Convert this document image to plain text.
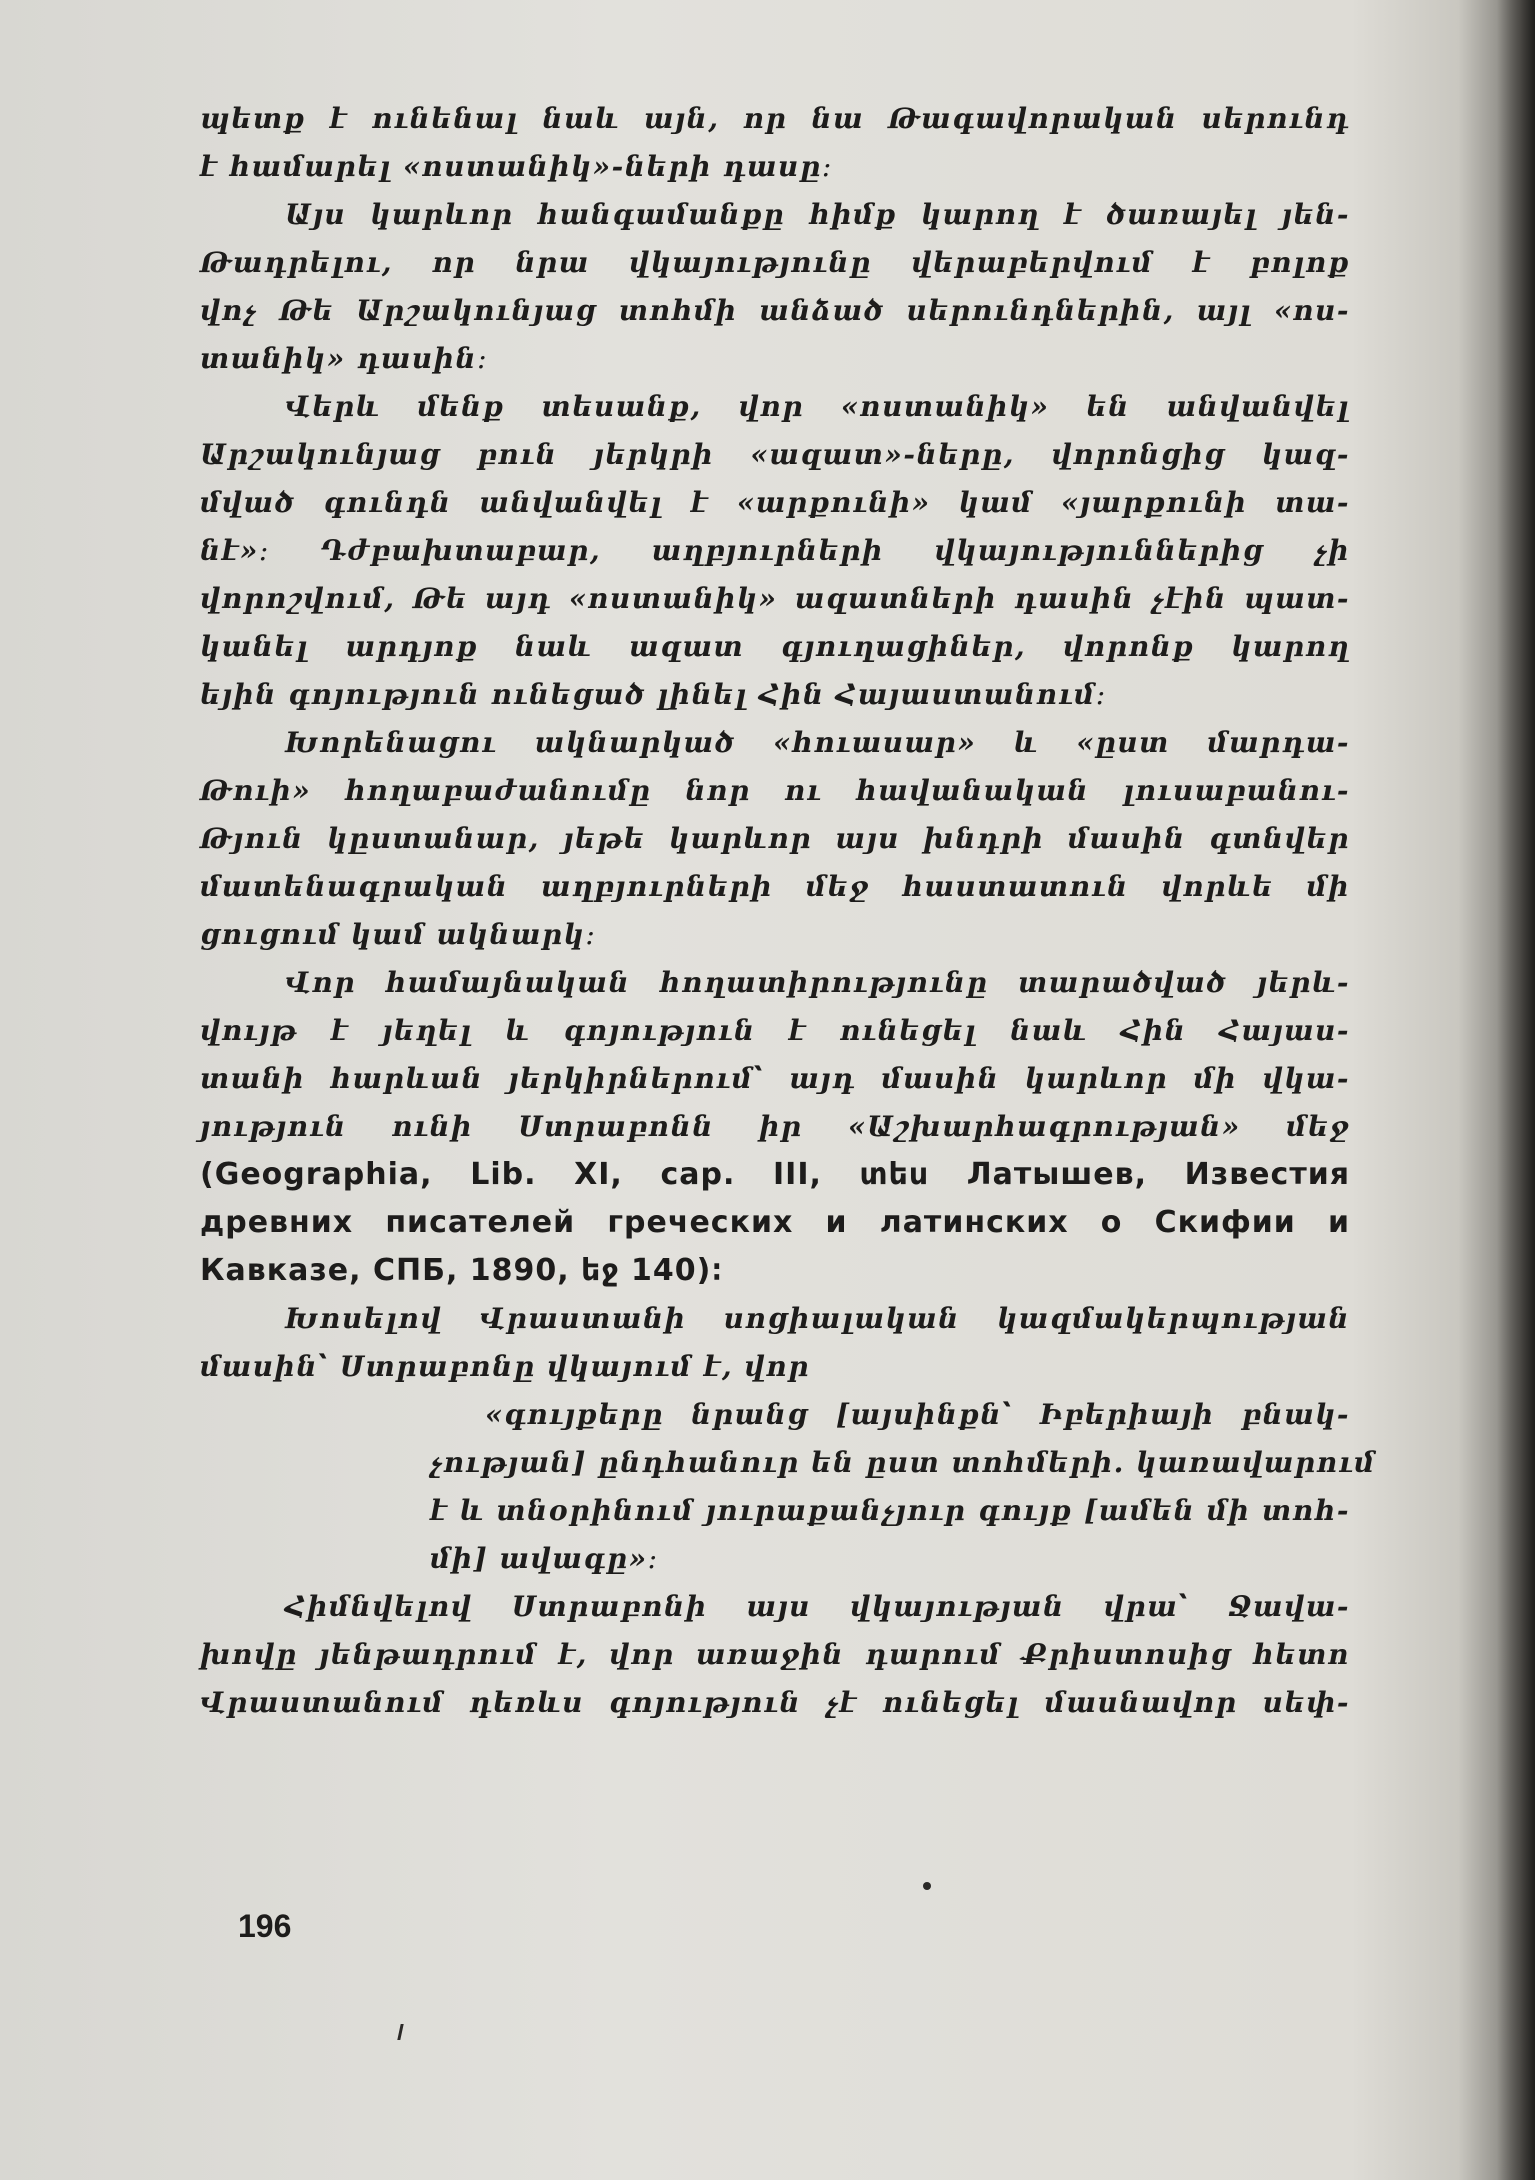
պետք է ունենալ նաև այն, որ նա Թագավորական սերունդ
է համարել «ոստանիկ»-ների դասը։
Այս կարևոր հանգամանքը հիմք կարող է ծառայել յեն-
Թադրելու, որ նրա վկայությունը վերաբերվում է բոլոք
վոչ Թե Արշակունյաց տոհմի անձած սերունդներին, այլ «ոս-
տանիկ» դասին։
Վերև մենք տեսանք, վոր «ոստանիկ» են անվանվել
Արշակունյաց բուն յերկրի «ազատ»-ները, վորոնցից կազ-
մված գունդն անվանվել է «արքունի» կամ «յարքունի տա-
նէ»։ Դժբախտաբար, աղբյուրների վկայություններից չի
վորոշվում, Թե այդ «ոստանիկ» ազատների դասին չէին պատ-
կանել արդյոք նաև ազատ գյուղացիներ, վորոնք կարող
եյին գոյություն ունեցած լինել Հին Հայաստանում։
Խորենացու ակնարկած «հուասար» և «ըստ մարդա-
Թուի» հողաբաժանումը նոր ու հավանական լուսաբանու-
Թյուն կըստանար, յեթե կարևոր այս խնդրի մասին գտնվեր
մատենագրական աղբյուրների մեջ հաստատուն վորևե մի
ցուցում կամ ակնարկ։
Վոր համայնական հողատիրությունը տարածված յերև-
վույթ է յեղել և գոյություն է ունեցել նաև Հին Հայաս-
տանի հարևան յերկիրներում՝ այդ մասին կարևոր մի վկա-
յություն ունի Ստրաբոնն իր «Աշխարհագրության» մեջ
(Geographia, Lib. XI, cap. III, տես Латышев, Известия
древних писателей греческих и латинских о Скифии и
Кавказе, СПБ, 1890, եջ 140)։
Խոսելով Վրաստանի սոցիալական կազմակերպության
մասին՝ Ստրաբոնը վկայում է, վոր
«գույքերը նրանց [այսինքն՝ Իբերիայի բնակ-
չության] ընդհանուր են ըստ տոհմերի․ կառավարում
է և տնօրինում յուրաքանչյուր գույք [ամեն մի տոհ-
մի] ավագը»։
Հիմնվելով Ստրաբոնի այս վկայության վրա՝ Ջավա-
խովը յենթադրում է, վոր առաջին դարում Քրիստոսից հետո
Վրաստանում դեռևս գոյություն չէ ունեցել մասնավոր սեփ-
196
